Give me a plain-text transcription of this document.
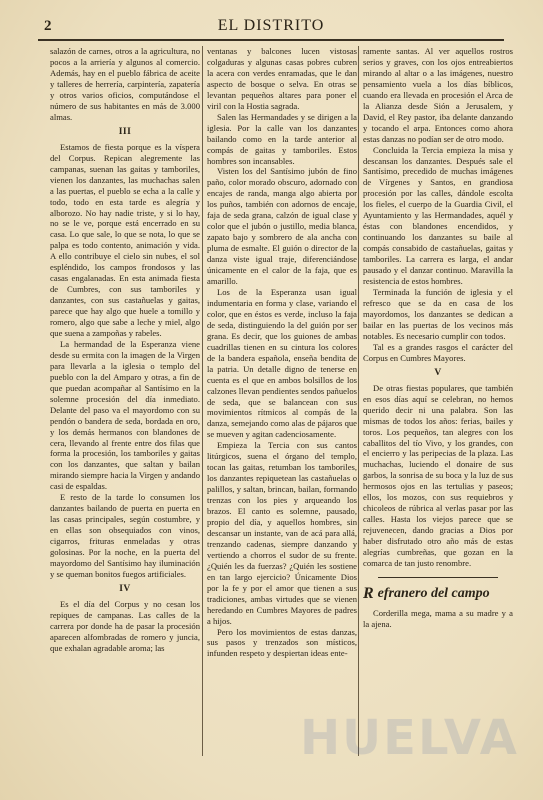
2	EL DISTRITO

salazón de carnes, otros a la agricultura, no pocos a la arriería y algunos al comercio. Además, hay en el pueblo fábrica de aceite y talleres de herrería, carpintería, zapatería y otros varios oficios, computándose el número de sus habitantes en más de 3.000 almas.

III

Estamos de fiesta porque es la víspera del Corpus. Repican alegremente las campanas, suenan las gaitas y tamboriles, vienen los danzantes, las muchachas salen a las puertas, el pueblo se echa a la calle y todo, todo en esta tarde es alegría y alborozo. No hay nadie triste, y si lo hay, no se le ve, porque está encerrado en su casa. Lo que sale, lo que se nota, lo que se palpa es todo contento, animación y vida. A ello contribuye el cielo sin nubes, el sol espléndido, los campos frondosos y las casas engalanadas. En esta animada fiesta de Cumbres, con sus tamboriles y danzantes, con sus castañuelas y gaitas, parece que hay algo que huele a tomillo y romero, algo que sabe a leche y miel, algo que suena a zampoñas y rabeles.

La hermandad de la Esperanza viene desde su ermita con la imagen de la Virgen para llevarla a la iglesia o templo del pueblo con la del Amparo y otras, a fin de que puedan acompañar al Santísimo en la solemne procesión del día inmediato. Delante del paso va el mayordomo con su pendón o bandera de seda, bordada en oro, y los demás hermanos con blandones de cera, llevando al frente entre dos filas que forma la procesión, los tamboriles y gaitas con los danzantes, que saltan y bailan mirando siempre hacia la Virgen y andando casi de espaldas.

E resto de la tarde lo consumen los danzantes bailando de puerta en puerta en las casas principales, según costumbre, y en ellas son obsequiados con vinos, cigarros, frituras enmeladas y otras golosinas. Por la noche, en la puerta del mayordomo del Santísimo hay iluminación y se queman bonitos fuegos artificiales.

IV

Es el día del Corpus y no cesan los repiques de campanas. Las calles de la carrera por donde ha de pasar la procesión aparecen alfombradas de romero y juncia, que exhalan agradable aroma; las

ventanas y balcones lucen vistosas colgaduras y algunas casas pobres cubren la acera con verdes enramadas, que le dan aspecto de bosque o selva. En otras se levantan pequeños altares para poner el viril con la Hostia sagrada.

Salen las Hermandades y se dirigen a la iglesia. Por la calle van los danzantes bailando como en la tarde anterior al compás de gaitas y tamboriles. Estos hombres son incansables.

Visten los del Santísimo jubón de fino paño, color morado obscuro, adornado con encajes de randa, manga algo abierta por los puños, también con adornos de encaje, faja de seda grana, calzón de igual clase y color que el jubón o justillo, media blanca, zapato bajo y sombrero de ala ancha con pluma de esmalte. El guión o director de la danza viste igual traje, diferenciándose únicamente en el calor de la faja, que es amarillo.

Los de la Esperanza usan igual indumentaria en forma y clase, variando el color, que en éstos es verde, incluso la faja de seda, distinguiendo la del guión por ser grana. Es decir, que los guiones de ambas cuadrillas tienen en su cintura los colores de la bandera española, enseña bendita de la patria. Un detalle digno de tenerse en cuenta es el que en ambos bolsillos de los calzones llevan pendientes sendos pañuelos de seda, que se balancean con sus movimientos rítmicos al compás de la danza, semejando como alas de pájaros que se mueven y agitan cadenciosamente.

Empieza la Tercia con sus cantos litúrgicos, suena el órgano del templo, tocan las gaitas, retumban los tamboriles, los danzantes repiquetean las castañuelas o palillos, y saltan, brincan, bailan, formando trenzas con los pies y arqueando los brazos. El canto es solemne, pausado, propio del día, y aquellos hombres, sin descansar un instante, van de acá para allá, trenzando cadenas, siempre danzando y vertiendo a chorros el sudor de su frente. ¿Quién les da fuerzas? ¿Quién les sostiene en tan largo ejercicio? Únicamente Dios por la fe y por el amor que tienen a sus tradiciones, ambas virtudes que se vienen heredando en Cumbres Mayores de padres a hijos.

Pero los movimientos de estas danzas, sus pasos y trenzados son místicos, infunden respeto y despiertan ideas ente-

ramente santas. Al ver aquellos rostros serios y graves, con los ojos entreabiertos mirando al altar o a las imágenes, nuestro pensamiento vuela a los días bíblicos, cuando era llevada en procesión el Arca de la Alianza desde Sión a Jerusalem, y David, el Rey pastor, iba delante danzando y tocando el arpa. Entonces como ahora estas danzas no podían ser de otro modo.

Concluida la Tercia empieza la misa y descansan los danzantes. Después sale el Santísimo, precedido de muchas imágenes de Vírgenes y Santos, en grandiosa procesión por las calles, dándole escolta los fieles, el cuerpo de la Guardia Civil, el Ayuntamiento y las Hermandades, aquél y éstas con blandones encendidos, y continuando los danzantes su baile al compás consabido de castañuelas, gaitas y tamboriles. La carrera es larga, el andar pausado y el danzar continuo. Maravilla la resistencia de estos hombres.

Terminada la función de iglesia y el refresco que se da en casa de los mayordomos, los danzantes se dedican a bailar en las puertas de los vecinos más notables. Es necesario cumplir con todos.

Tal es a grandes rasgos el carácter del Corpus en Cumbres Mayores.

V

De otras fiestas populares, que también en esos días aquí se celebran, no hemos querido decir ni una palabra. Son las mismas de todos los años: ferias, bailes y toros. Los pequeños, tan alegres con los caballitos del tío Vivo, y los grandes, con el encierro y las peripecias de la plaza. Las muchachas, luciendo el donaire de sus garbos, la sonrisa de su boca y la luz de sus hermosos ojos en las tertulias y paseos; ellos, los mozos, con sus requiebros y chicoleos de rúbrica al verlas pasar por las calles. Hasta los viejos parece que se rejuvenecen, dando gracias a Dios por haber disfrutado otro año más de estas alegrías cumbreñas, que gozan en la comarca de tan justo renombre.

R efranero del campo

Corderilla mega, mama a su madre y a la ajena.

HUELVA
